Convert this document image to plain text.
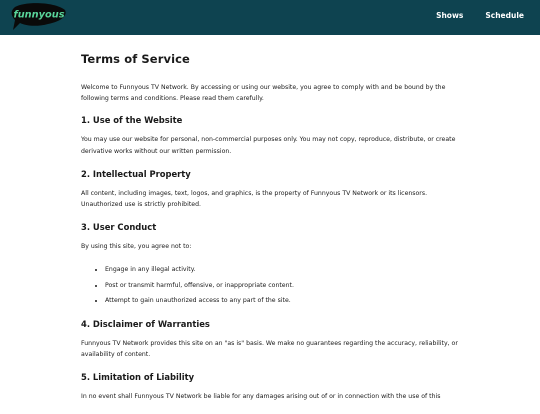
funnyous	Shows	Schedule
Terms of Service

Welcome to Funnyous TV Network. By accessing or using our website, you agree to comply with and be bound by the following terms and conditions. Please read them carefully.

1. Use of the Website

You may use our website for personal, non-commercial purposes only. You may not copy, reproduce, distribute, or create derivative works without our written permission.

2. Intellectual Property

All content, including images, text, logos, and graphics, is the property of Funnyous TV Network or its licensors. Unauthorized use is strictly prohibited.

3. User Conduct

By using this site, you agree not to:

• Engage in any illegal activity.
• Post or transmit harmful, offensive, or inappropriate content.
• Attempt to gain unauthorized access to any part of the site.
4. Disclaimer of Warranties

Funnyous TV Network provides this site on an "as is" basis. We make no guarantees regarding the accuracy, reliability, or availability of content.

5. Limitation of Liability

In no event shall Funnyous TV Network be liable for any damages arising out of or in connection with the use of this
